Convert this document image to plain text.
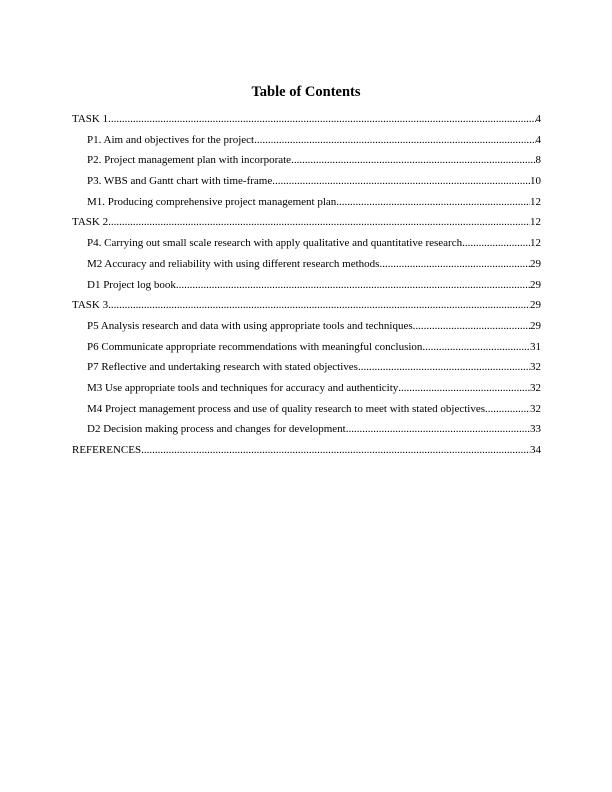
Table of Contents
TASK 1 .....	4
P1. Aim and objectives for the project .....	4
P2. Project management plan with incorporate .....	8
P3. WBS and Gantt chart with time-frame .....	10
M1. Producing comprehensive project management plan .....	12
TASK 2 .....	12
P4. Carrying out small scale research with apply qualitative and quantitative research .....	12
M2 Accuracy and reliability with using different research methods .....	29
D1 Project log book .....	29
TASK 3 .....	29
P5 Analysis research and data with using appropriate tools and techniques .....	29
P6 Communicate appropriate recommendations with meaningful conclusion .....	31
P7 Reflective and undertaking research with stated objectives .....	32
M3 Use appropriate tools and techniques for accuracy and authenticity .....	32
M4 Project management process and use of quality research to meet with stated objectives .....	32
D2 Decision making process and changes for development .....	33
REFERENCES .....	34
